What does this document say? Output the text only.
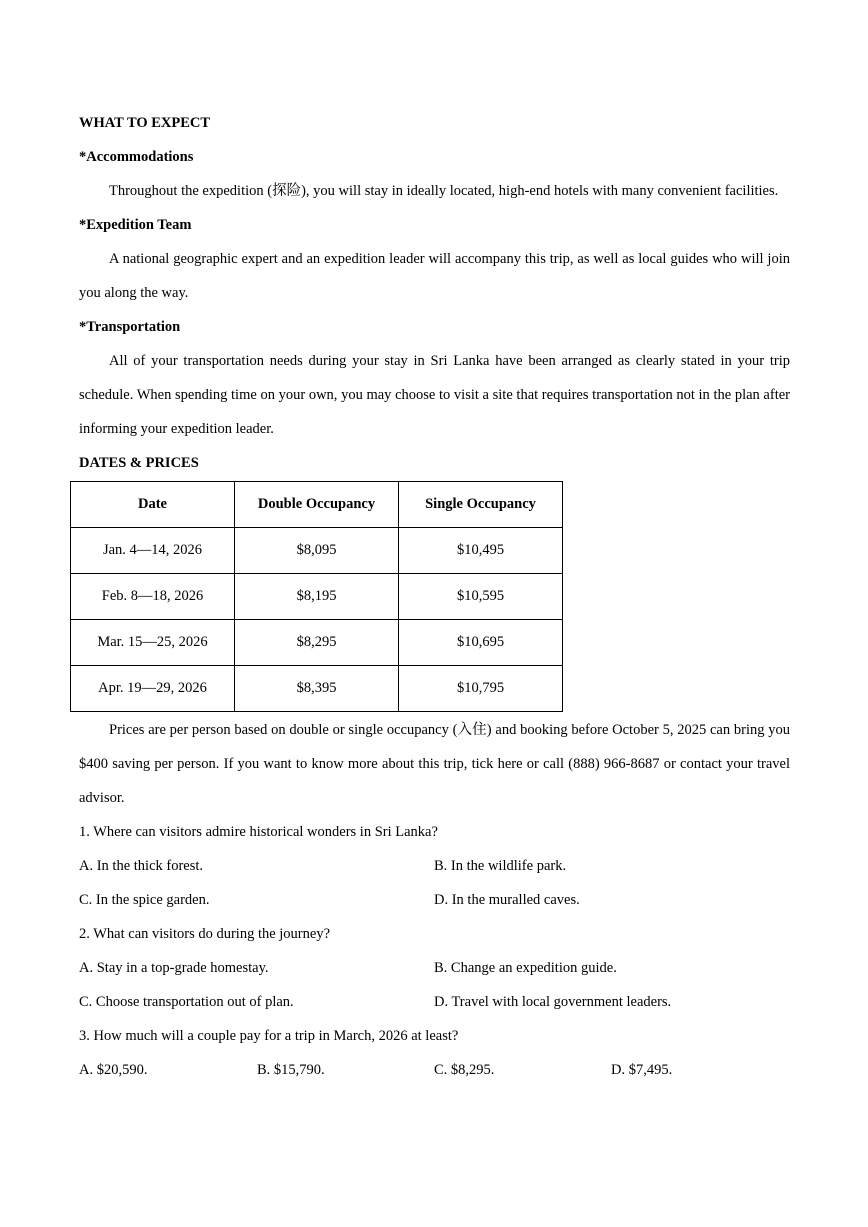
WHAT TO EXPECT
*Accommodations

Throughout the expedition (探险), you will stay in ideally located, high-end hotels with many convenient facilities.

*Expedition Team

A national geographic expert and an expedition leader will accompany this trip, as well as local guides who will join you along the way.

*Transportation

All of your transportation needs during your stay in Sri Lanka have been arranged as clearly stated in your trip schedule. When spending time on your own, you may choose to visit a site that requires transportation not in the plan after informing your expedition leader.

DATES & PRICES
Date	Double Occupancy	Single Occupancy
Jan. 4—14, 2026	$8,095	$10,495
Feb. 8—18, 2026	$8,195	$10,595
Mar. 15—25, 2026	$8,295	$10,695
Apr. 19—29, 2026	$8,395	$10,795

Prices are per person based on double or single occupancy (入住) and booking before October 5, 2025 can bring you $400 saving per person. If you want to know more about this trip, tick here or call (888) 966-8687 or contact your travel advisor.

1. Where can visitors admire historical wonders in Sri Lanka?
A. In the thick forest.	B. In the wildlife park.
C. In the spice garden.	D. In the muralled caves.
2. What can visitors do during the journey?
A. Stay in a top-grade homestay.	B. Change an expedition guide.
C. Choose transportation out of plan.	D. Travel with local government leaders.
3. How much will a couple pay for a trip in March, 2026 at least?
A. $20,590.	B. $15,790.	C. $8,295.	D. $7,495.
